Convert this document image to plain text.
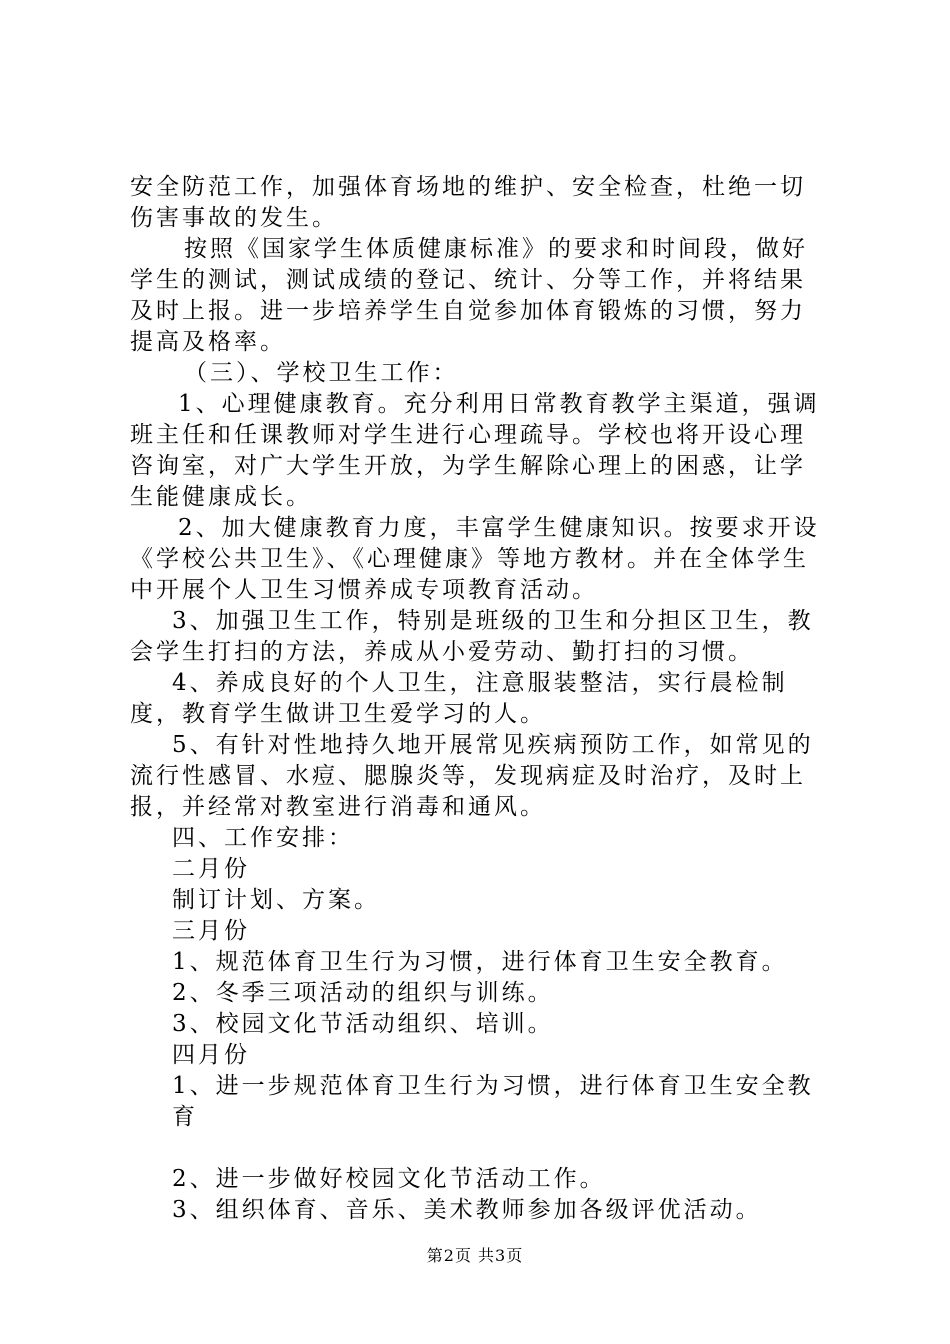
安全防范工作，加强体育场地的维护、安全检查，杜绝一切伤害事故的发生。

按照《国家学生体质健康标准》的要求和时间段，做好学生的测试，测试成绩的登记、统计、分等工作，并将结果及时上报。进一步培养学生自觉参加体育锻炼的习惯，努力提高及格率。

（三）、学校卫生工作：

1、心理健康教育。充分利用日常教育教学主渠道，强调班主任和任课教师对学生进行心理疏导。学校也将开设心理咨询室，对广大学生开放，为学生解除心理上的困惑，让学生能健康成长。

2、加大健康教育力度，丰富学生健康知识。按要求开设《学校公共卫生》、《心理健康》等地方教材。并在全体学生中开展个人卫生习惯养成专项教育活动。

3、加强卫生工作，特别是班级的卫生和分担区卫生，教会学生打扫的方法，养成从小爱劳动、勤打扫的习惯。

4、养成良好的个人卫生，注意服装整洁，实行晨检制度，教育学生做讲卫生爱学习的人。

5、有针对性地持久地开展常见疾病预防工作，如常见的流行性感冒、水痘、腮腺炎等，发现病症及时治疗，及时上报，并经常对教室进行消毒和通风。

四、工作安排：

二月份

制订计划、方案。

三月份

1、规范体育卫生行为习惯，进行体育卫生安全教育。

2、冬季三项活动的组织与训练。

3、校园文化节活动组织、培训。

四月份

1、进一步规范体育卫生行为习惯，进行体育卫生安全教育

2、进一步做好校园文化节活动工作。

3、组织体育、音乐、美术教师参加各级评优活动。

第2页 共3页
